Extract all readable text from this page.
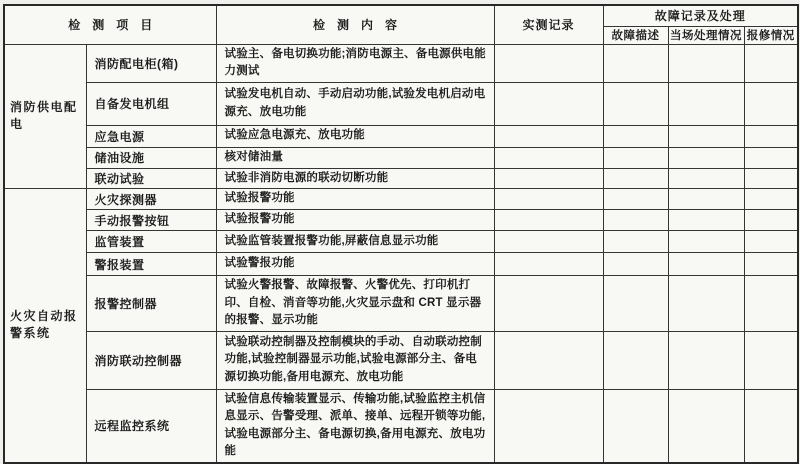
检测项目		检测内容	实测记录	故障记录及处理		
				故障描述	当场处理情况	报修情况
消防供电配电	消防配电柜(箱)	试验主、备电切换功能;消防电源主、备电源供电能力测试				
	自备发电机组	试验发电机自动、手动启动功能,试验发电机启动电源充、放电功能				
	应急电源	试验应急电源充、放电功能				
	储油设施	核对储油量				
	联动试验	试验非消防电源的联动切断功能				
火灾自动报警系统	火灾探测器	试验报警功能				
	手动报警按钮	试验报警功能				
	监管装置	试验监管装置报警功能,屏蔽信息显示功能				
	警报装置	试验警报功能				
	报警控制器	试验火警报警、故障报警、火警优先、打印机打印、自检、消音等功能,火灾显示盘和 CRT 显示器的报警、显示功能				
	消防联动控制器	试验联动控制器及控制模块的手动、自动联动控制功能,试验控制器显示功能,试验电源部分主、备电源切换功能,备用电源充、放电功能				
	远程监控系统	试验信息传输装置显示、传输功能,试验监控主机信息显示、告警受理、派单、接单、远程开锁等功能,试验电源部分主、备电源切换,备用电源充、放电功能				
